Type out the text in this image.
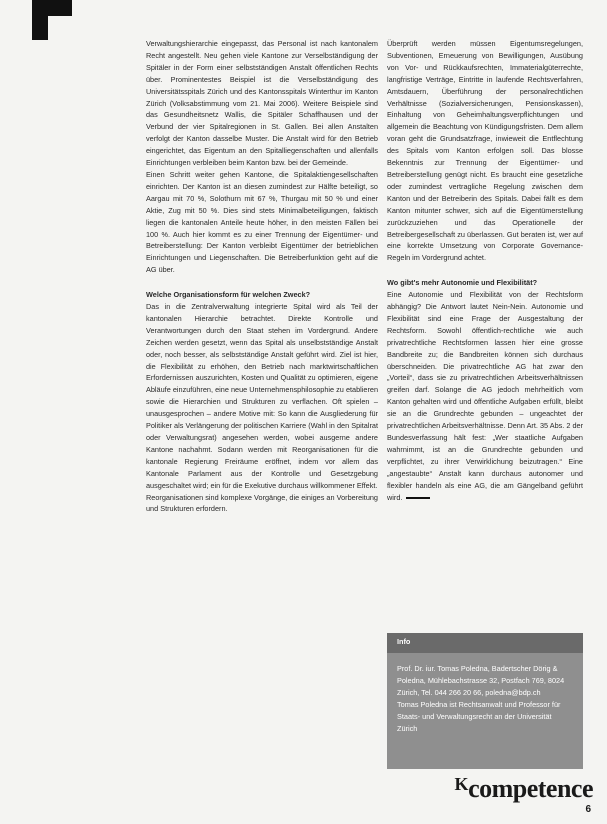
Verwaltungshierarchie eingepasst, das Personal ist nach kantonalem Recht angestellt. Neu gehen viele Kantone zur Verselbständigung der Spitäler in der Form einer selbstständigen Anstalt öffentlichen Rechts über. Prominentestes Beispiel ist die Verselbständigung des Universitätsspitals Zürich und des Kantonsspitals Winterthur im Kanton Zürich (Volksabstimmung vom 21. Mai 2006). Weitere Beispiele sind das Gesundheitsnetz Wallis, die Spitäler Schaffhausen und der Verbund der vier Spitalregionen in St. Gallen. Bei allen Anstalten verfolgt der Kanton dasselbe Muster. Die Anstalt wird für den Betrieb eingerichtet, das Eigentum an den Spitalliegenschaften und allenfalls Einrichtungen verbleiben beim Kanton bzw. bei der Gemeinde.

Einen Schritt weiter gehen Kantone, die Spitalaktiengesellschaften einrichten. Der Kanton ist an diesen zumindest zur Hälfte beteiligt, so Aargau mit 70 %, Solothurn mit 67 %, Thurgau mit 50 % und einer Aktie, Zug mit 50 %. Dies sind stets Minimalbeteiligungen, faktisch liegen die kantonalen Anteile heute höher, in den meisten Fällen bei 100 %. Auch hier kommt es zu einer Trennung der Eigentümer- und Betreiberstellung: Der Kanton verbleibt Eigentümer der betrieblichen Einrichtungen und Liegenschaften. Die Betreiberfunktion geht auf die AG über.

Welche Organisationsform für welchen Zweck?

Das in die Zentralverwaltung integrierte Spital wird als Teil der kantonalen Hierarchie betrachtet. Direkte Kontrolle und Verantwortungen durch den Staat stehen im Vordergrund. Andere Zeichen werden gesetzt, wenn das Spital als unselbstständige Anstalt oder, noch besser, als selbstständige Anstalt geführt wird. Ziel ist hier, die Flexibilität zu erhöhen, den Betrieb nach marktwirtschaftlichen Erfordernissen auszurichten, Kosten und Qualität zu optimieren, eigene Abläufe einzuführen, eine neue Unternehmensphilosophie zu etablieren sowie die Hierarchien und Strukturen zu verflachen. Oft spielen – unausgesprochen – andere Motive mit: So kann die Ausgliederung für Politiker als Verlängerung der politischen Karriere (Wahl in den Spitalrat oder Verwaltungsrat) angesehen werden, wobei ausgerne andere Kantone nachahmt. Sodann werden mit Reorganisationen für die kantonale Regierung Freiräume eröffnet, indem vor allem das Kantonale Parlament aus der Kontrolle und Gesetzgebung ausgeschaltet wird; ein für die Exekutive durchaus willkommener Effekt.

Reorganisationen sind komplexe Vorgänge, die einiges an Vorbereitung und Strukturen erfordern.

Überprüft werden müssen Eigentumsregelungen, Subventionen, Erneuerung von Bewilligungen, Ausübung von Vor- und Rückkaufsrechten, Immaterialgüterrechte, langfristige Verträge, Eintritte in laufende Rechtsverfahren, Amtsdauern, Überführung der personalrechtlichen Verhältnisse (Sozialversicherungen, Pensionskassen), Einhaltung von Geheimhaltungsverpflichtungen und allgemein die Beachtung von Kündigungsfristen. Dem allem voran geht die Grundsatzfrage, inwieweit die Entflechtung des Spitals vom Kanton erfolgen soll. Das blosse Bekenntnis zur Trennung der Eigentümer- und Betreiberstellung genügt nicht. Es braucht eine gesetzliche oder zumindest vertragliche Regelung zwischen dem Kanton und der Betreiberin des Spitals. Dabei fällt es dem Kanton mitunter schwer, sich auf die Eigentümerstellung zurückzuziehen und das Operationelle der Betreibergesellschaft zu überlassen. Gut beraten ist, wer auf eine korrekte Umsetzung von Corporate Governance-Regeln im Vordergrund achtet.

Wo gibt's mehr Autonomie und Flexibilität?

Eine Autonomie und Flexibilität von der Rechtsform abhängig? Die Antwort lautet Nein-Nein. Autonomie und Flexibilität sind eine Frage der Ausgestaltung der Rechtsform. Sowohl öffentlich-rechtliche wie auch privatrechtliche Rechtsformen lassen hier eine grosse Bandbreite zu; die Bandbreiten können sich durchaus überschneiden. Die privatrechtliche AG hat zwar den „Vorteil“, dass sie zu privatrechtlichen Arbeitsverhältnissen greifen darf. Solange die AG jedoch mehrheitlich vom Kanton gehalten wird und öffentliche Aufgaben erfüllt, bleibt sie an die Grundrechte gebunden – ungeachtet der privatrechtlichen Arbeitsverhältnisse. Denn Art. 35 Abs. 2 der Bundesverfassung hält fest: „Wer staatliche Aufgaben wahrnimmt, ist an die Grundrechte gebunden und verpflichtet, zu ihrer Verwirklichung beizutragen.“ Eine „angestaubte“ Anstalt kann durchaus autonomer und flexibler handeln als eine AG, die am Gängelband geführt wird.

Info

Prof. Dr. iur. Tomas Poledna, Badertscher Dörig & Poledna, Mühlebachstrasse 32, Postfach 769, 8024 Zürich, Tel. 044 266 20 66, poledna@bdp.ch

Tomas Poledna ist Rechtsanwalt und Professor für Staats- und Verwaltungsrecht an der Universität Zürich

$^K$competence
6
